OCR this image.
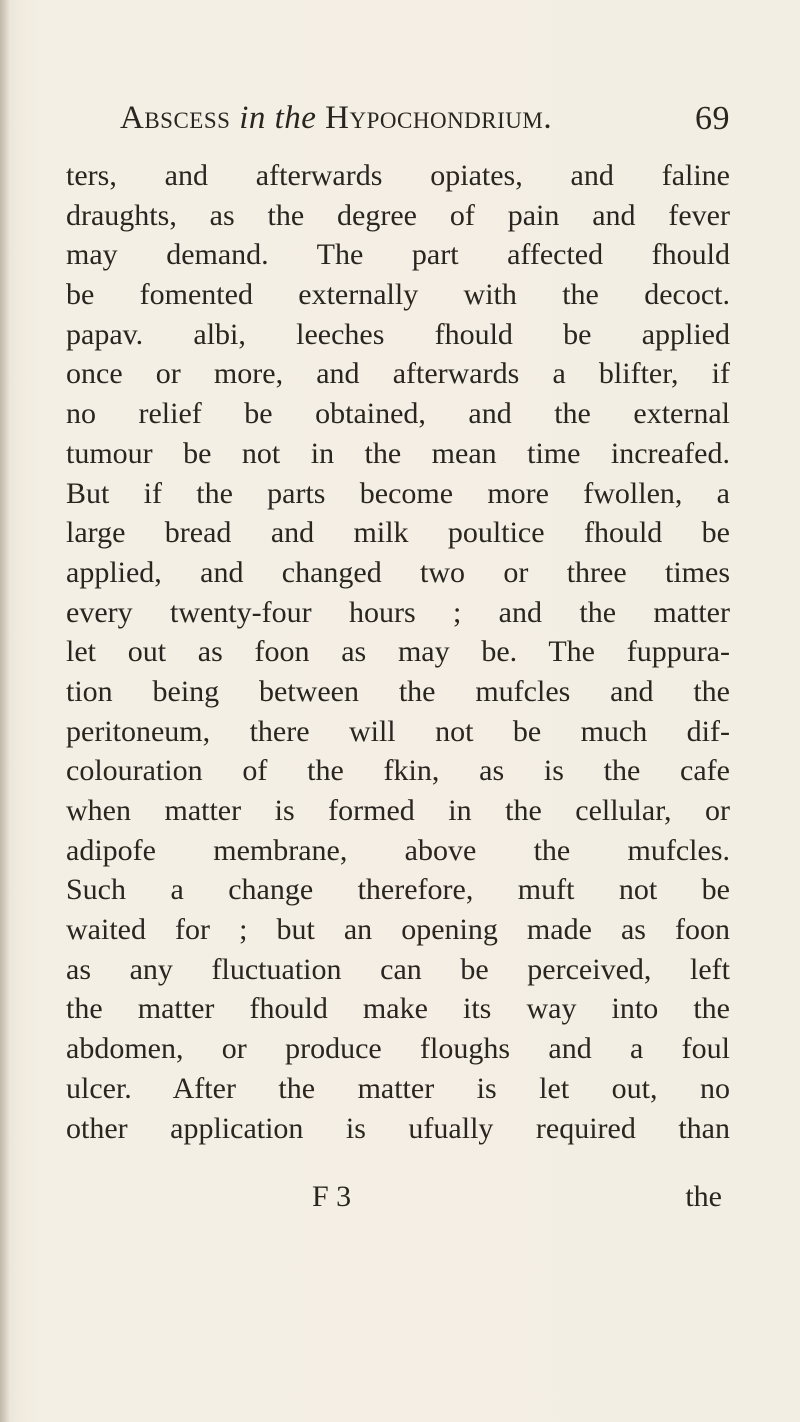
Abscess in the Hypochondrium.	69
ters, and afterwards opiates, and faline
draughts, as the degree of pain and fever
may demand. The part affected fhould
be fomented externally with the decoct.
papav. albi, leeches fhould be applied
once or more, and afterwards a blifter, if
no relief be obtained, and the external
tumour be not in the mean time increafed.
But if the parts become more fwollen, a
large bread and milk poultice fhould be
applied, and changed two or three times
every twenty-four hours ; and the matter
let out as foon as may be. The fuppura-
tion being between the mufcles and the
peritoneum, there will not be much dif-
colouration of the fkin, as is the cafe
when matter is formed in the cellular, or
adipofe membrane, above the mufcles.
Such a change therefore, muft not be
waited for ; but an opening made as foon
as any fluctuation can be perceived, left
the matter fhould make its way into the
abdomen, or produce floughs and a foul
ulcer. After the matter is let out, no
other application is ufually required than
F 3	the
